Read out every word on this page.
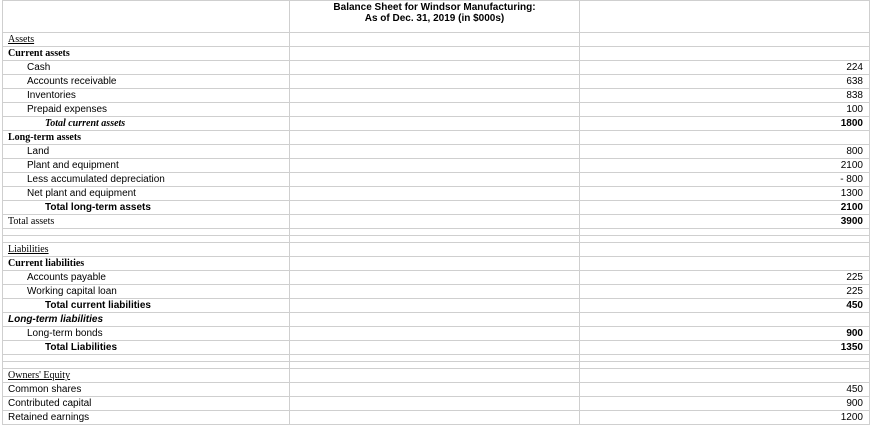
Balance Sheet for Windsor Manufacturing:
As of Dec. 31, 2019 (in $000s)
Assets
Current assets
Cash	224
Accounts receivable	638
Inventories	838
Prepaid expenses	100
Total current assets	1800
Long-term assets
Land	800
Plant and equipment	2100
Less accumulated depreciation	- 800
Net plant and equipment	1300
Total long-term assets	2100
Total assets	3900
Liabilities
Current liabilities
Accounts payable	225
Working capital loan	225
Total current liabilities	450
Long-term liabilities
Long-term bonds	900
Total Liabilities	1350
Owners' Equity
Common shares	450
Contributed capital	900
Retained earnings	1200
